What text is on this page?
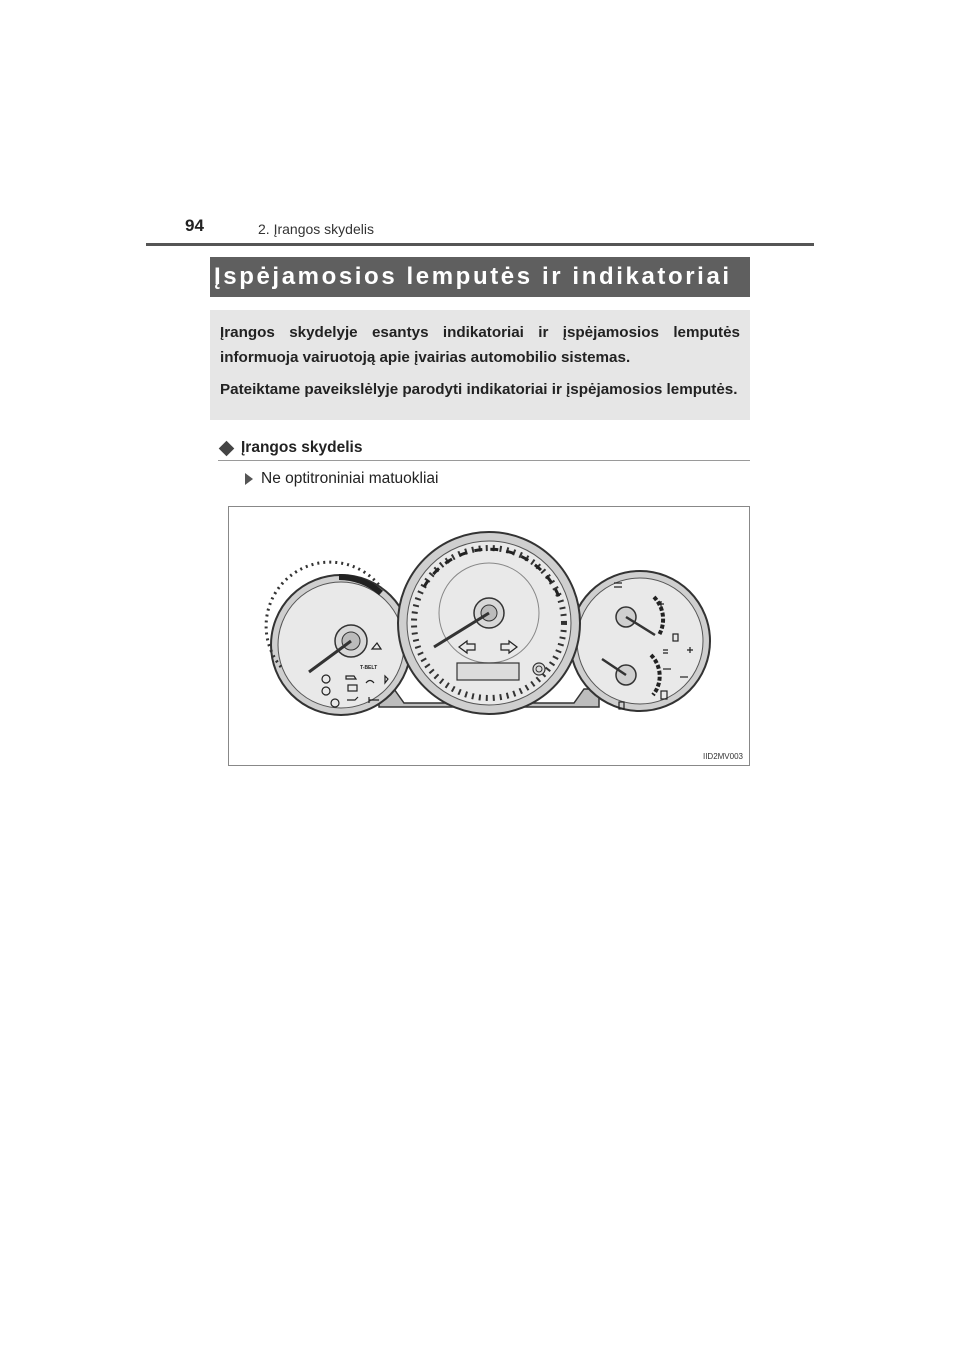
94	2. Įrangos skydelis
Įspėjamosios lemputės ir indikatoriai

Įrangos skydelyje esantys indikatoriai ir įspėjamosios lemputės informuoja vairuotoją apie įvairias automobilio sistemas.

Pateiktame paveikslėlyje parodyti indikatoriai ir įspėjamosios lemputės.

Įrangos skydelis
Ne optitroniniai matuokliai
T-BELT
IID2MV003
